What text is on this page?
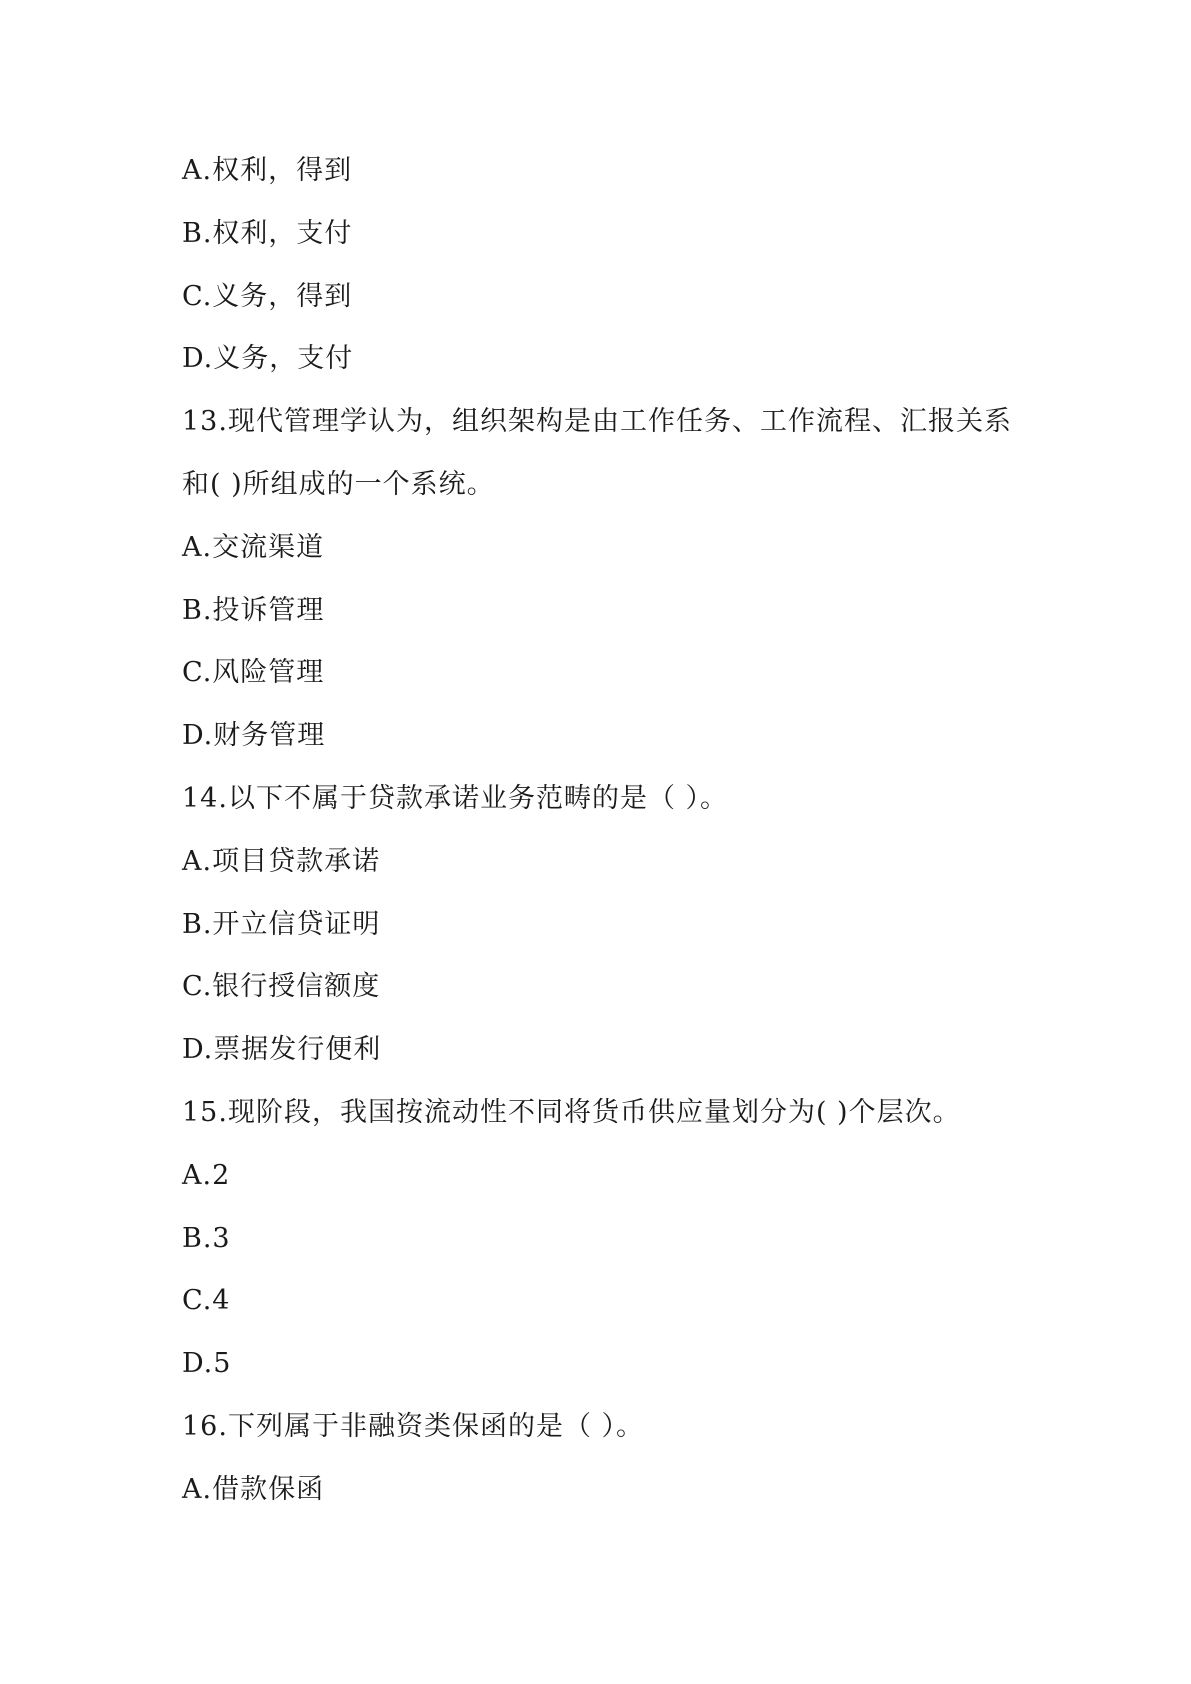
A.权利，得到
B.权利，支付
C.义务，得到
D.义务，支付
13.现代管理学认为，组织架构是由工作任务、工作流程、汇报关系
和( )所组成的一个系统。
A.交流渠道
B.投诉管理
C.风险管理
D.财务管理
14.以下不属于贷款承诺业务范畴的是（ ）。
A.项目贷款承诺
B.开立信贷证明
C.银行授信额度
D.票据发行便利
15.现阶段，我国按流动性不同将货币供应量划分为( )个层次。
A.2
B.3
C.4
D.5
16.下列属于非融资类保函的是（ ）。
A.借款保函
